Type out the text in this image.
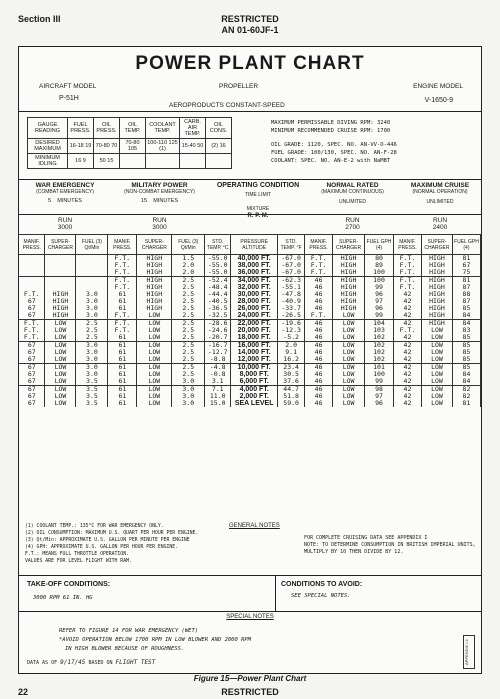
Section III	RESTRICTED
AN 01-60JF-1
POWER PLANT CHART
AIRCRAFT MODEL
P-51H
PROPELLER
AEROPRODUCTS CONSTANT-SPEED
ENGINE MODEL
V-1650-9
GAUGE READING	FUEL PRESS.	OIL PRESS.	OIL TEMP.	COOLANT TEMP.	CARB. AIR TEMP.	OIL CONS.
DESIRED MAXIMUM	16-18 19	70-80 70	70-80 105	100-110 125 (1)	15-40 50	(2) 16
MINIMUM IDLING	16 9	50 15				
MAXIMUM PERMISSABLE DIVING RPM: 3240
MINIMUM RECOMMENDED CRUISE RPM: 1700
OIL GRADE: 1120, SPEC. NO. AN-VV-O-446
FUEL GRADE: 100/130, SPEC. NO. AN-F-28
COOLANT: SPEC. NO. AN-E-2 with NaMBT
WAR EMERGENCY
(COMBAT EMERGENCY)
5 MINUTES
MILITARY POWER
(NON-COMBAT EMERGENCY)
15 MINUTES
OPERATING CONDITION
TIME LIMIT
MIXTURE
R. P. M.
NORMAL RATED
(MAXIMUM CONTINUOUS)
UNLIMITED
MAXIMUM CRUISE
(NORMAL OPERATION)
UNLIMITED
RUN
3000
RUN
3000
RUN
2700
RUN
2400
MANIF. PRESS.	SUPER-CHARGER	FUEL (3) Qt/Min	MANIF. PRESS.	SUPER-CHARGER	FUEL (3) Qt/Min	STD. TEMP. °C	PRESSURE ALTITUDE	STD. TEMP. °F	MANIF. PRESS.	SUPER-CHARGER	FUEL GPH (4)	MANIF. PRESS.	SUPER-CHARGER	FUEL GPH (4)
			F.T.	HIGH	1.5	-55.0	40,000 FT.	-67.0	F.T.	HIGH	80	F.T.	HIGH	81
			F.T.	HIGH	2.0	-55.0	38,000 FT.	-67.0	F.T.	HIGH	89	F.T.	HIGH	67
			F.T.	HIGH	2.0	-55.0	36,000 FT.	-67.0	F.T.	HIGH	100	F.T.	HIGH	75
			F.T.	HIGH	2.5	-52.4	34,000 FT.	-62.3	46	HIGH	100	F.T.	HIGH	81
			F.T.	HIGH	2.5	-48.4	32,000 FT.	-55.1	46	HIGH	99	F.T.	HIGH	87
F.T.	HIGH	3.0	61	HIGH	2.5	-44.4	30,000 FT.	-47.8	46	HIGH	96	42	HIGH	88
67	HIGH	3.0	61	HIGH	2.5	-40.5	28,000 FT.	-40.9	46	HIGH	97	42	HIGH	87
67	HIGH	3.0	61	HIGH	2.5	-36.5	26,000 FT.	-33.7	46	HIGH	96	42	HIGH	85
67	HIGH	3.0	F.T.	LOW	2.5	-32.5	24,000 FT.	-26.5	F.T.	LOW	99	42	HIGH	84
F.T.	LOW	2.5	F.T.	LOW	2.5	-28.6	22,000 FT.	-19.6	46	LOW	104	42	HIGH	84
F.T.	LOW	2.5	F.T.	LOW	2.5	-24.6	20,000 FT.	-12.3	46	LOW	103	F.T.	LOW	83
F.T.	LOW	2.5	61	LOW	2.5	-20.7	18,000 FT.	-5.2	46	LOW	102	42	LOW	85
67	LOW	3.0	61	LOW	2.5	-16.7	16,000 FT.	2.0	46	LOW	102	42	LOW	85
67	LOW	3.0	61	LOW	2.5	-12.7	14,000 FT.	9.1	46	LOW	102	42	LOW	85
67	LOW	3.0	61	LOW	2.5	-8.8	12,000 FT.	16.2	46	LOW	102	42	LOW	85
67	LOW	3.0	61	LOW	2.5	-4.8	10,000 FT.	23.4	46	LOW	101	42	LOW	85
67	LOW	3.0	61	LOW	2.5	-0.8	8,000 FT.	30.5	46	LOW	100	42	LOW	84
67	LOW	3.5	61	LOW	3.0	3.1	6,000 FT.	37.6	46	LOW	99	42	LOW	84
67	LOW	3.5	61	LOW	3.0	7.1	4,000 FT.	44.7	46	LOW	98	42	LOW	82
67	LOW	3.5	61	LOW	3.0	11.0	2,000 FT.	51.8	46	LOW	97	42	LOW	82
67	LOW	3.5	61	LOW	3.0	15.0	SEA LEVEL	59.0	46	LOW	96	42	LOW	81
(1) COOLANT TEMP.: 135°C FOR WAR EMERGENCY ONLY.
(2) OIL CONSUMPTION: MAXIMUM U.S. QUART PER HOUR PER ENGINE.
(3) Qt/Min: APPROXIMATE U.S. GALLON PER MINUTE PER ENGINE
(4) GPH: APPROXIMATE U.S. GALLON PER HOUR PER ENGINE.
F.T.: MEANS FULL THROTTLE OPERATION.
VALUES ARE FOR LEVEL FLIGHT WITH RAM.
GENERAL NOTES
FOR COMPLETE CRUISING DATA SEE APPENDIX I
NOTE: TO DETERMINE CONSUMPTION IN BRITISH IMPERIAL UNITS, MULTIPLY BY 10 THEN DIVIDE BY 12.
TAKE-OFF CONDITIONS:
3000 RPM 61 IN. HG
CONDITIONS TO AVOID:
SEE SPECIAL NOTES.
SPECIAL NOTES
REFER TO FIGURE 14 FOR WAR EMERGENCY (WET)
*AVOID OPERATION BELOW 1700 RPM IN LOW BLOWER AND 2000 RPM
IN HIGH BLOWER BECAUSE OF ROUGHNESS.
DATA AS OF 9/17/45 BASED ON FLIGHT TEST	APPENDIX I-1
Figure 15—Power Plant Chart
22	RESTRICTED
